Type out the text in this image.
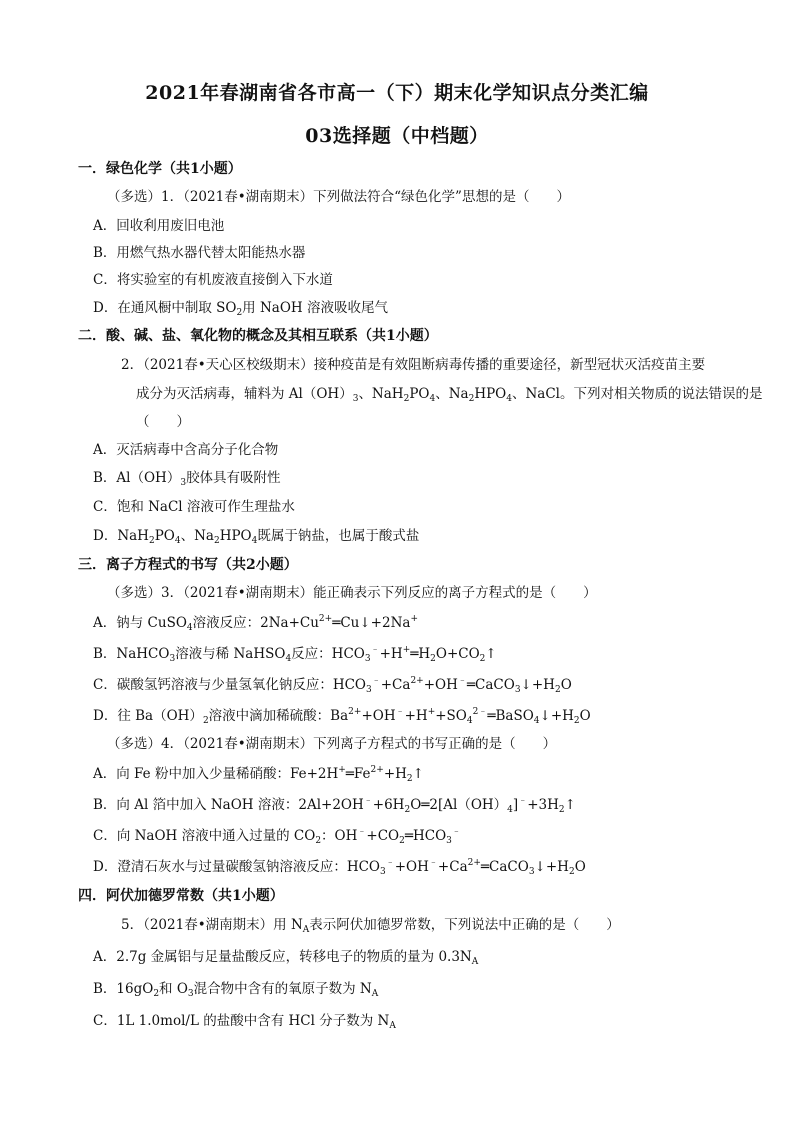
2021年春湖南省各市高一（下）期末化学知识点分类汇编
03选择题（中档题）
一．绿色化学（共1小题）
（多选）1．（2021春•湖南期末）下列做法符合“绿色化学”思想的是（　　）
A．回收利用废旧电池
B．用燃气热水器代替太阳能热水器
C．将实验室的有机废液直接倒入下水道
D．在通风橱中制取 $SO_2$用 NaOH 溶液吸收尾气
二．酸、碱、盐、氧化物的概念及其相互联系（共1小题）
2．（2021春•天心区校级期末）接种疫苗是有效阻断病毒传播的重要途径，新型冠状灭活疫苗主要
成分为灭活病毒，辅料为 $Al(OH)_3$、$NaH_2PO_4$、$Na_2HPO_4$、NaCl。下列对相关物质的说法错误的是
（　　）
A．灭活病毒中含高分子化合物
B．$Al(OH)_3$胶体具有吸附性
C．饱和 NaCl 溶液可作生理盐水
D．$NaH_2PO_4$、$Na_2HPO_4$既属于钠盐，也属于酸式盐
三．离子方程式的书写（共2小题）
（多选）3．（2021春•湖南期末）能正确表示下列反应的离子方程式的是（　　）
A．钠与 CuSO$_4$溶液反应：$2Na+Cu^{2+}═Cu↓+2Na^+$
B．NaHCO$_3$溶液与稀 NaHSO$_4$反应：$HCO_3^﹣+H^+═H_2O+CO_2↑$
C．碳酸氢钙溶液与少量氢氧化钠反应：$HCO_3^﹣+Ca^{2+}+OH^﹣═CaCO_3↓+H_2O$
D．往 $Ba(OH)_2$溶液中滴加稀硫酸：$Ba^{2+}+OH^﹣+H^++SO_4^{2﹣}═BaSO_4↓+H_2O$
（多选）4．（2021春•湖南期末）下列离子方程式的书写正确的是（　　）
A．向 Fe 粉中加入少量稀硝酸：$Fe+2H^+═Fe^{2+}+H_2↑$
B．向 Al 箔中加入 NaOH 溶液：$2Al+2OH^﹣+6H_2O═2[Al(OH)_4]^﹣+3H_2↑$
C．向 NaOH 溶液中通入过量的 $CO_2$：$OH^﹣+CO_2═HCO_3^﹣$
D．澄清石灰水与过量碳酸氢钠溶液反应：$HCO_3^﹣+OH^﹣+Ca^{2+}═CaCO_3↓+H_2O$
四．阿伏加德罗常数（共1小题）
5．（2021春•湖南期末）用 $N_A$表示阿伏加德罗常数，下列说法中正确的是（　　）
A．2.7g 金属铝与足量盐酸反应，转移电子的物质的量为 $0.3N_A$
B．$16gO_2$和 $O_3$混合物中含有的氧原子数为 $N_A$
C．1L 1.0mol/L 的盐酸中含有 HCl 分子数为 $N_A$
